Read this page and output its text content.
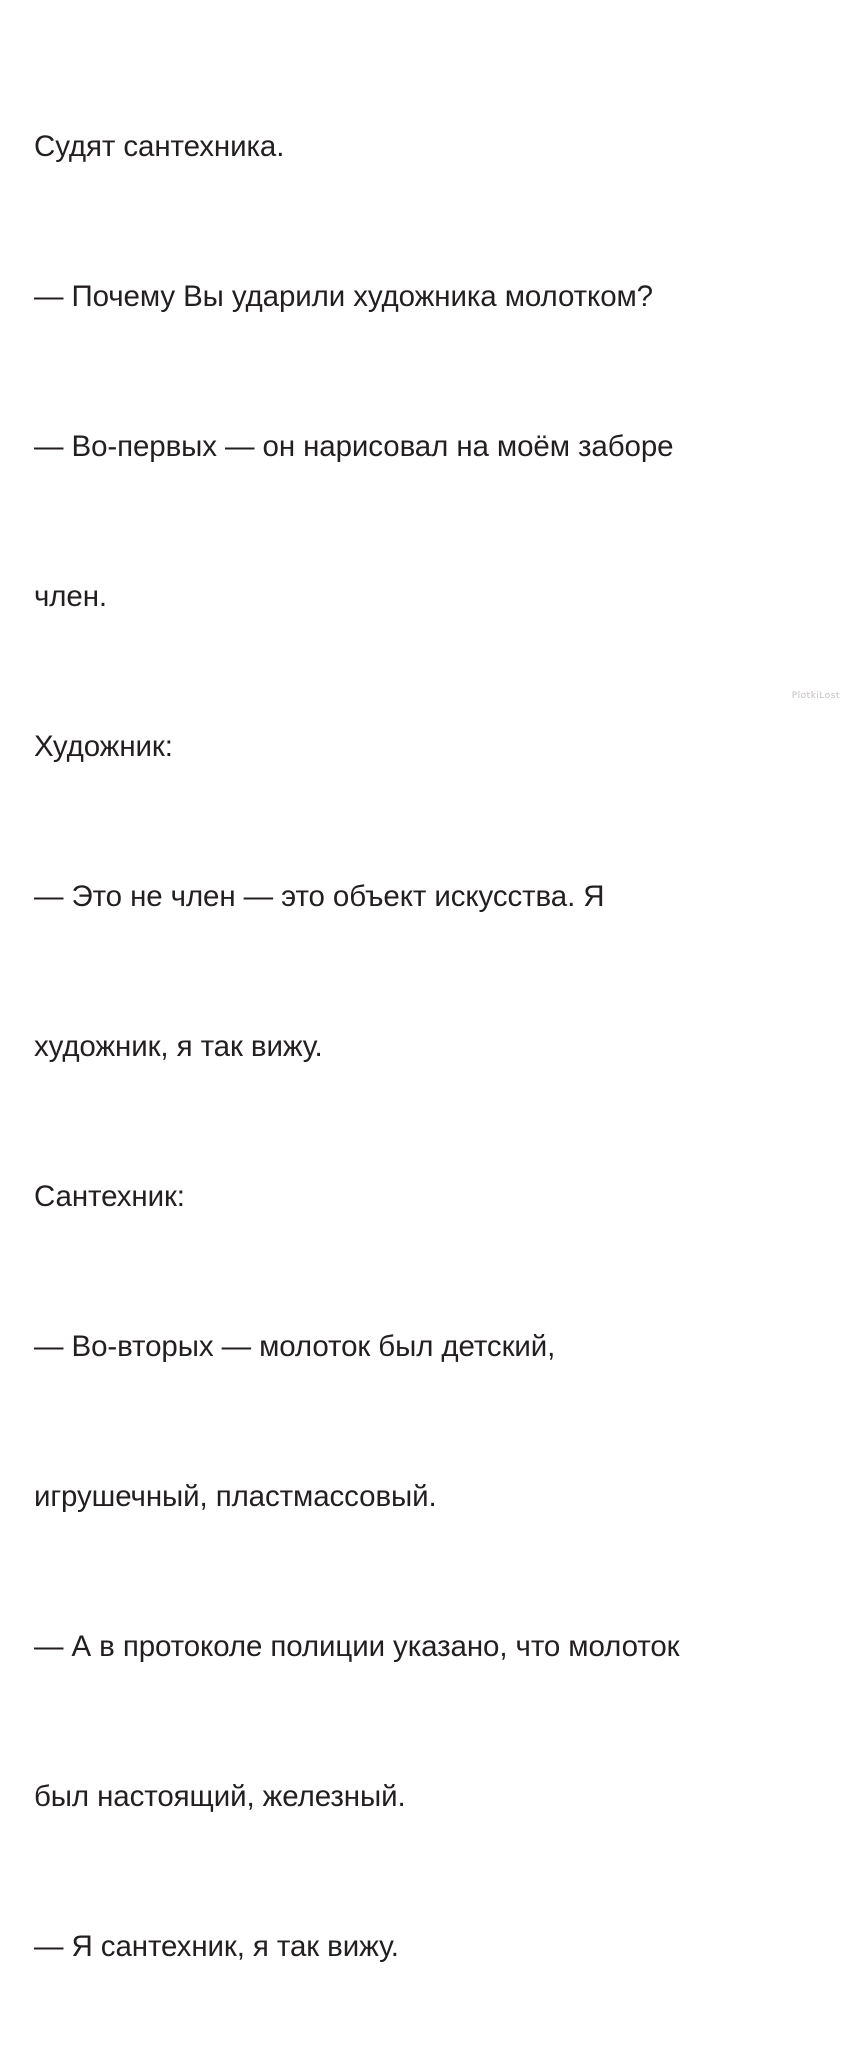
Судят сантехника.

— Почему Вы ударили художника молотком?

— Во-первых — он нарисовал на моём заборе

член.

Художник:

— Это не член — это объект искусства. Я

художник, я так вижу.

Сантехник:

— Во-вторых — молоток был детский,

игрушечный, пластмассовый.

— А в протоколе полиции указано, что молоток

был настоящий, железный.

— Я сантехник, я так вижу.

PlotkiLost
